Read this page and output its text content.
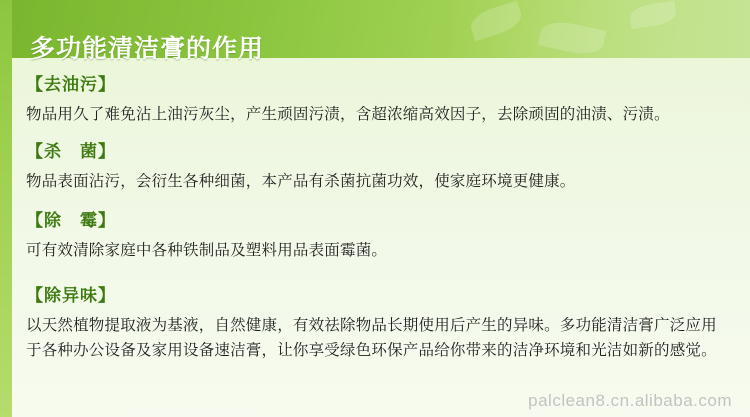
多功能清洁膏的作用

【去油污】

物品用久了难免沾上油污灰尘，产生顽固污渍，含超浓缩高效因子，去除顽固的油渍、污渍。

【杀　菌】

物品表面沾污，会衍生各种细菌，本产品有杀菌抗菌功效，使家庭环境更健康。

【除　霉】

可有效清除家庭中各种铁制品及塑料用品表面霉菌。

【除异味】

以天然植物提取液为基液，自然健康，有效祛除物品长期使用后产生的异味。多功能清洁膏广泛应用于各种办公设备及家用设备速洁膏，让你享受绿色环保产品给你带来的洁净环境和光洁如新的感觉。

palclean8.cn.alibaba.com
